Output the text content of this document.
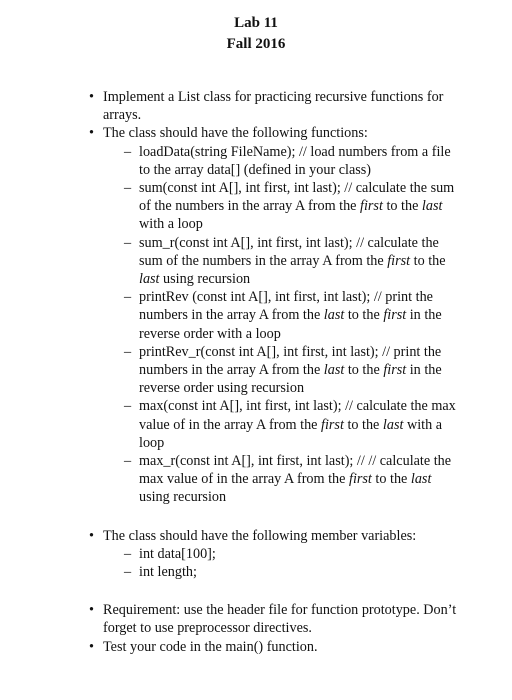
Lab 11
Fall 2016
• Implement a List class for practicing recursive functions for arrays.
• The class should have the following functions:
– loadData(string FileName); // load numbers from a file to the array data[] (defined in your class)
– sum(const int A[], int first, int last); // calculate the sum of the numbers in the array A from the first to the last with a loop
– sum_r(const int A[], int first, int last); // calculate the sum of the numbers in the array A from the first to the last using recursion
– printRev (const int A[], int first, int last); // print the numbers in the array A from the last to the first in the reverse order with a loop
– printRev_r(const int A[], int first, int last); // print the numbers in the array A from the last to the first in the reverse order using recursion
– max(const int A[], int first, int last); // calculate the max value of in the array A from the first to the last with a loop
– max_r(const int A[], int first, int last); // // calculate the max value of in the array A from the first to the last using recursion
• The class should have the following member variables:
– int data[100];
– int length;
• Requirement: use the header file for function prototype. Don’t forget to use preprocessor directives.
• Test your code in the main() function.
